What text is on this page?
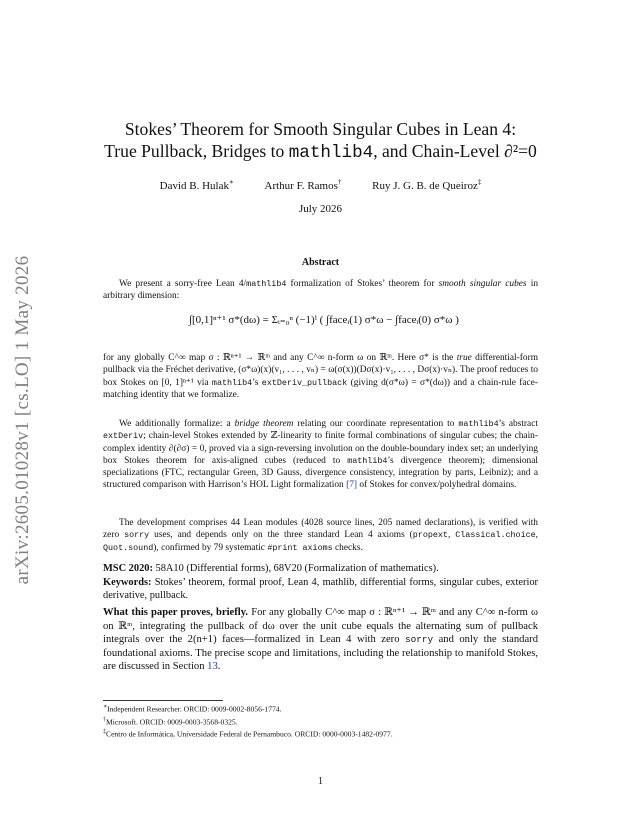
arXiv:2605.01028v1 [cs.LO] 1 May 2026
Stokes’ Theorem for Smooth Singular Cubes in Lean 4:
True Pullback, Bridges to mathlib4, and Chain-Level ∂²=0
David B. Hulak∗	Arthur F. Ramos†	Ruy J. G. B. de Queiroz‡
July 2026
Abstract

We present a sorry-free Lean 4/mathlib4 formalization of Stokes’ theorem for smooth singular cubes in arbitrary dimension:

∫[0,1]ⁿ⁺¹ σ*(dω) = Σᵢ₌₀ⁿ (−1)ⁱ ( ∫faceᵢ(1) σ*ω − ∫faceᵢ(0) σ*ω )

for any globally C^∞ map σ : ℝⁿ⁺¹ → ℝᵐ and any C^∞ n-form ω on ℝᵐ. Here σ* is the true differential-form pullback via the Fréchet derivative, (σ*ω)(x)(v₁, . . . , vₙ) = ω(σ(x))(Dσ(x)·v₁, . . . , Dσ(x)·vₙ). The proof reduces to box Stokes on [0, 1]ⁿ⁺¹ via mathlib4’s extDeriv_pullback (giving d(σ*ω) = σ*(dω)) and a chain-rule face-matching identity that we formalize.

We additionally formalize: a bridge theorem relating our coordinate representation to mathlib4’s abstract extDeriv; chain-level Stokes extended by ℤ-linearity to finite formal combinations of singular cubes; the chain-complex identity ∂(∂σ) = 0, proved via a sign-reversing involution on the double-boundary index set; an underlying box Stokes theorem for axis-aligned cubes (reduced to mathlib4’s divergence theorem); dimensional specializations (FTC, rectangular Green, 3D Gauss, divergence consistency, integration by parts, Leibniz); and a structured comparison with Harrison’s HOL Light formalization [7] of Stokes for convex/polyhedral domains.

The development comprises 44 Lean modules (4028 source lines, 205 named declarations), is verified with zero sorry uses, and depends only on the three standard Lean 4 axioms (propext, Classical.choice, Quot.sound), confirmed by 79 systematic #print axioms checks.

MSC 2020: 58A10 (Differential forms), 68V20 (Formalization of mathematics).
Keywords: Stokes’ theorem, formal proof, Lean 4, mathlib, differential forms, singular cubes, exterior derivative, pullback.
What this paper proves, briefly. For any globally C^∞ map σ : ℝⁿ⁺¹ → ℝᵐ and any C^∞ n-form ω on ℝᵐ, integrating the pullback of dω over the unit cube equals the alternating sum of pullback integrals over the 2(n+1) faces—formalized in Lean 4 with zero sorry and only the standard foundational axioms. The precise scope and limitations, including the relationship to manifold Stokes, are discussed in Section 13.
∗Independent Researcher. ORCID: 0009-0002-8056-1774.
†Microsoft. ORCID: 0009-0003-3568-0325.
‡Centro de Informática, Universidade Federal de Pernambuco. ORCID: 0000-0003-1482-0977.
1
